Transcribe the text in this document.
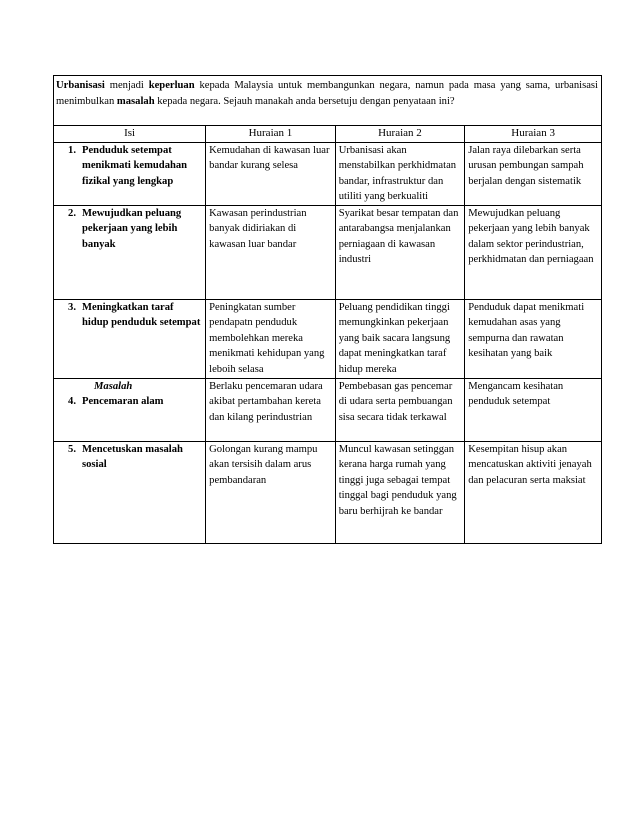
Urbanisasi menjadi keperluan kepada Malaysia untuk membangunkan negara, namun pada masa yang sama, urbanisasi menimbulkan masalah kepada negara. Sejauh manakah anda bersetuju dengan penyataan ini?			
Isi	Huraian 1	Huraian 2	Huraian 3

1. Penduduk setempat menikmati kemudahan fizikal yang lengkap	Kemudahan di kawasan luar bandar kurang selesa	Urbanisasi akan menstabilkan perkhidmatan bandar, infrastruktur dan utiliti yang berkualiti	Jalan raya dilebarkan serta urusan pembungan sampah berjalan dengan sistematik

2. Mewujudkan peluang pekerjaan yang lebih banyak	Kawasan perindustrian banyak didiriakan di kawasan luar bandar	Syarikat besar tempatan dan antarabangsa menjalankan perniagaan di kawasan industri	Mewujudkan peluang pekerjaan yang lebih banyak dalam sektor perindustrian, perkhidmatan dan perniagaan

3. Meningkatkan taraf hidup penduduk setempat	Peningkatan sumber pendapatn penduduk membolehkan mereka menikmati kehidupan yang leboih selasa	Peluang pendidikan tinggi memungkinkan pekerjaan yang baik sacara langsung dapat meningkatkan taraf hidup mereka	Penduduk dapat menikmati kemudahan asas yang sempurna dan rawatan kesihatan yang baik

Masalah
4. Pencemaran alam	Berlaku pencemaran udara akibat pertambahan kereta dan kilang perindustrian	Pembebasan gas pencemar di udara serta pembuangan sisa secara tidak terkawal	Mengancam kesihatan penduduk setempat

5. Mencetuskan masalah sosial	Golongan kurang mampu akan tersisih dalam arus pembandaran	Muncul kawasan setinggan kerana harga rumah yang tinggi juga sebagai tempat tinggal bagi penduduk yang baru berhijrah ke bandar	Kesempitan hisup akan mencatuskan aktiviti jenayah dan pelacuran serta maksiat
